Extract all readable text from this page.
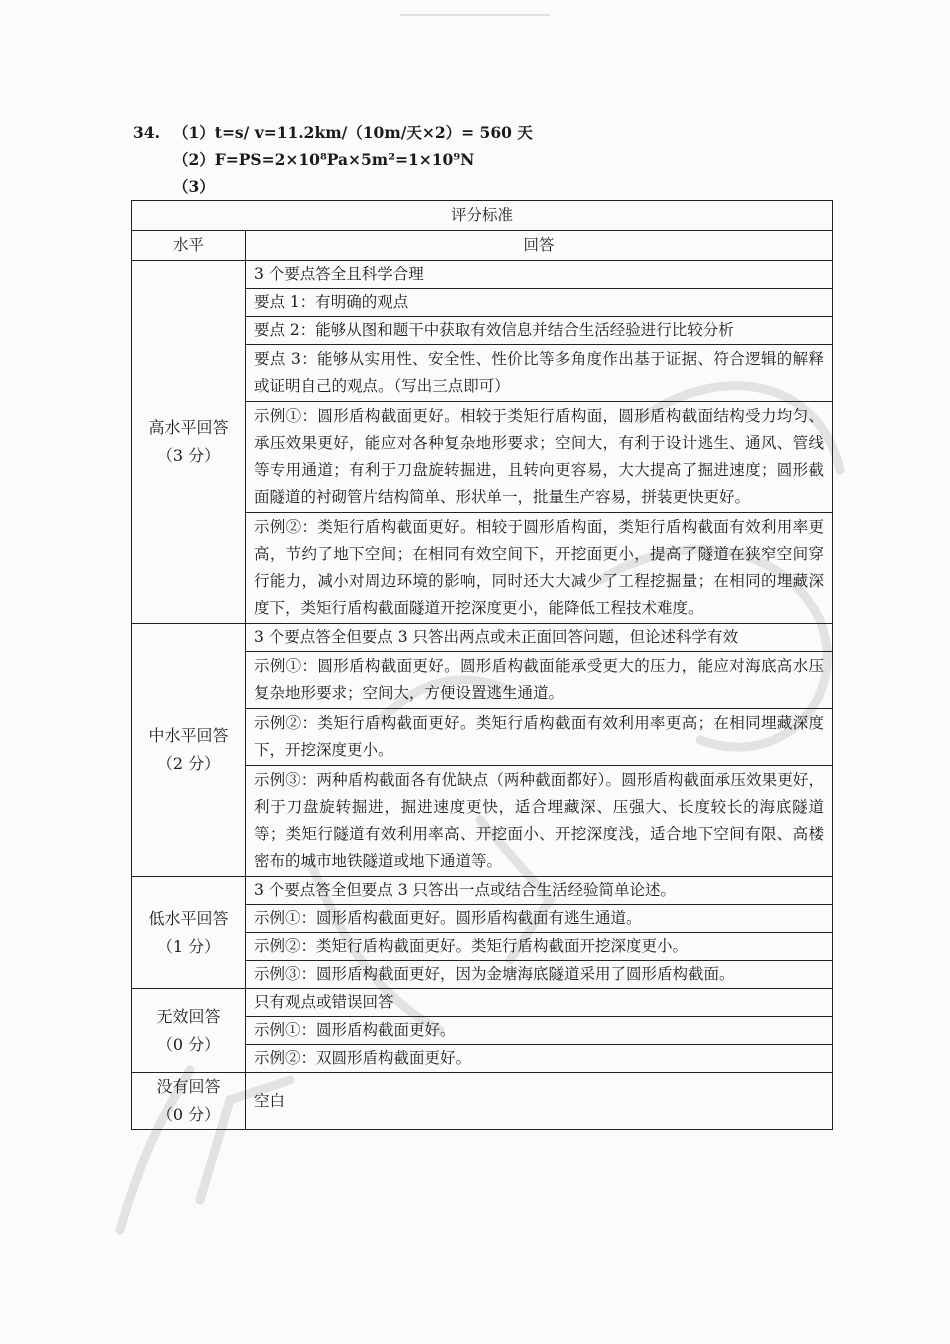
34. （1）t=s/ v=11.2km/（10m/天×2）= 560 天
（2）F=PS=2×10⁸Pa×5m²=1×10⁹N
（3）
评分标准	
水平	回答

高水平回答
（3 分）	3 个要点答全且科学合理
	要点 1：有明确的观点
	要点 2：能够从图和题干中获取有效信息并结合生活经验进行比较分析
	要点 3：能够从实用性、安全性、性价比等多角度作出基于证据、符合逻辑的解释或证明自己的观点。（写出三点即可）
	示例①：圆形盾构截面更好。相较于类矩行盾构面，圆形盾构截面结构受力均匀、承压效果更好，能应对各种复杂地形要求；空间大，有利于设计逃生、通风、管线等专用通道；有利于刀盘旋转掘进，且转向更容易，大大提高了掘进速度；圆形截面隧道的衬砌管片结构简单、形状单一，批量生产容易，拼装更快更好。
	示例②：类矩行盾构截面更好。相较于圆形盾构面，类矩行盾构截面有效利用率更高，节约了地下空间；在相同有效空间下，开挖面更小，提高了隧道在狭窄空间穿行能力，减小对周边环境的影响，同时还大大减少了工程挖掘量；在相同的埋藏深度下，类矩行盾构截面隧道开挖深度更小，能降低工程技术难度。

中水平回答
（2 分）	3 个要点答全但要点 3 只答出两点或未正面回答问题，但论述科学有效
	示例①：圆形盾构截面更好。圆形盾构截面能承受更大的压力，能应对海底高水压复杂地形要求；空间大，方便设置逃生通道。
	示例②：类矩行盾构截面更好。类矩行盾构截面有效利用率更高；在相同埋藏深度下，开挖深度更小。
	示例③：两种盾构截面各有优缺点（两种截面都好）。圆形盾构截面承压效果更好，利于刀盘旋转掘进，掘进速度更快，适合埋藏深、压强大、长度较长的海底隧道等；类矩行隧道有效利用率高、开挖面小、开挖深度浅，适合地下空间有限、高楼密布的城市地铁隧道或地下通道等。

低水平回答
（1 分）	3 个要点答全但要点 3 只答出一点或结合生活经验简单论述。
	示例①：圆形盾构截面更好。圆形盾构截面有逃生通道。
	示例②：类矩行盾构截面更好。类矩行盾构截面开挖深度更小。
	示例③：圆形盾构截面更好，因为金塘海底隧道采用了圆形盾构截面。

无效回答
（0 分）	只有观点或错误回答
	示例①：圆形盾构截面更好。
	示例②：双圆形盾构截面更好。

没有回答
（0 分）	空白
